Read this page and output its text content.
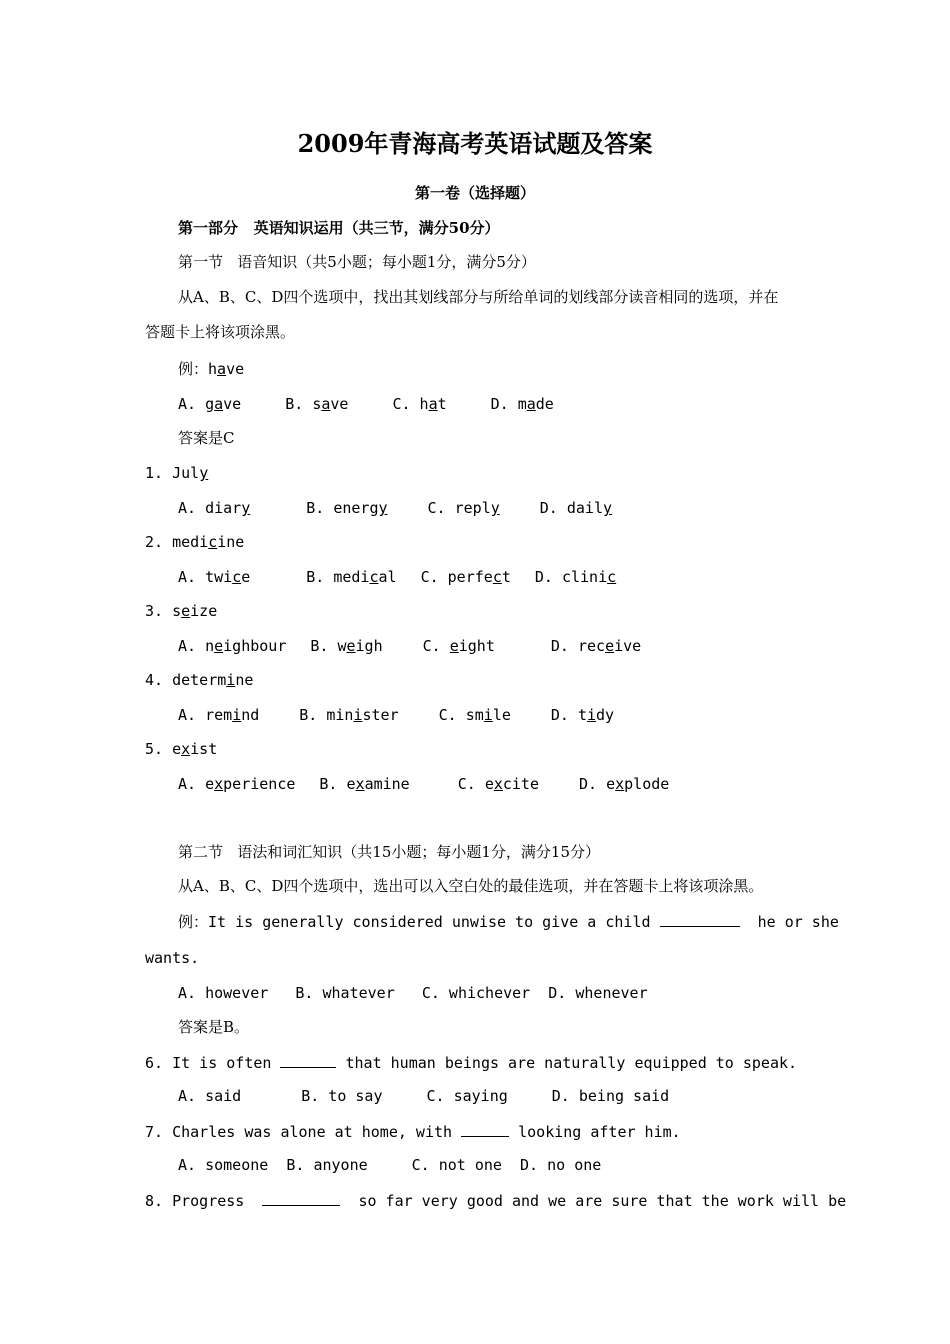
2009年青海高考英语试题及答案
第一卷（选择题）
第一部分   英语知识运用（共三节，满分50分）
第一节   语音知识（共5小题；每小题1分，满分5分）
从A、B、C、D四个选项中，找出其划线部分与所给单词的划线部分读音相同的选项，并在
答题卡上将该项涂黑。
例：have
A. gave	B. save	C. hat	D. made
答案是C
1. July
A. diary	B. energy	C. reply	D. daily
2. medicine
A. twice	B. medical C. perfect D. clinic
3. seize
A. neighbour B. weigh	C. eight	D. receive
4. determine
A. remind	B. minister	C. smile	D. tidy
5. exist
A. experience B. examine	C. excite	D. explode
第二节   语法和词汇知识（共15小题；每小题1分，满分15分）
从A、B、C、D四个选项中，选出可以入空白处的最佳选项，并在答题卡上将该项涂黑。
例：It is generally considered unwise to give a child	he or she
wants.
A. however B. whatever C. whichever D. whenever
答案是B。
6. It is often	that human beings are naturally equipped to speak.
A. said	B. to say	C. saying	D. being said
7. Charles was alone at home, with	looking after him.
A. someone B. anyone	C. not one D. no one
8. Progress	so far very good and we are sure that the work will be
